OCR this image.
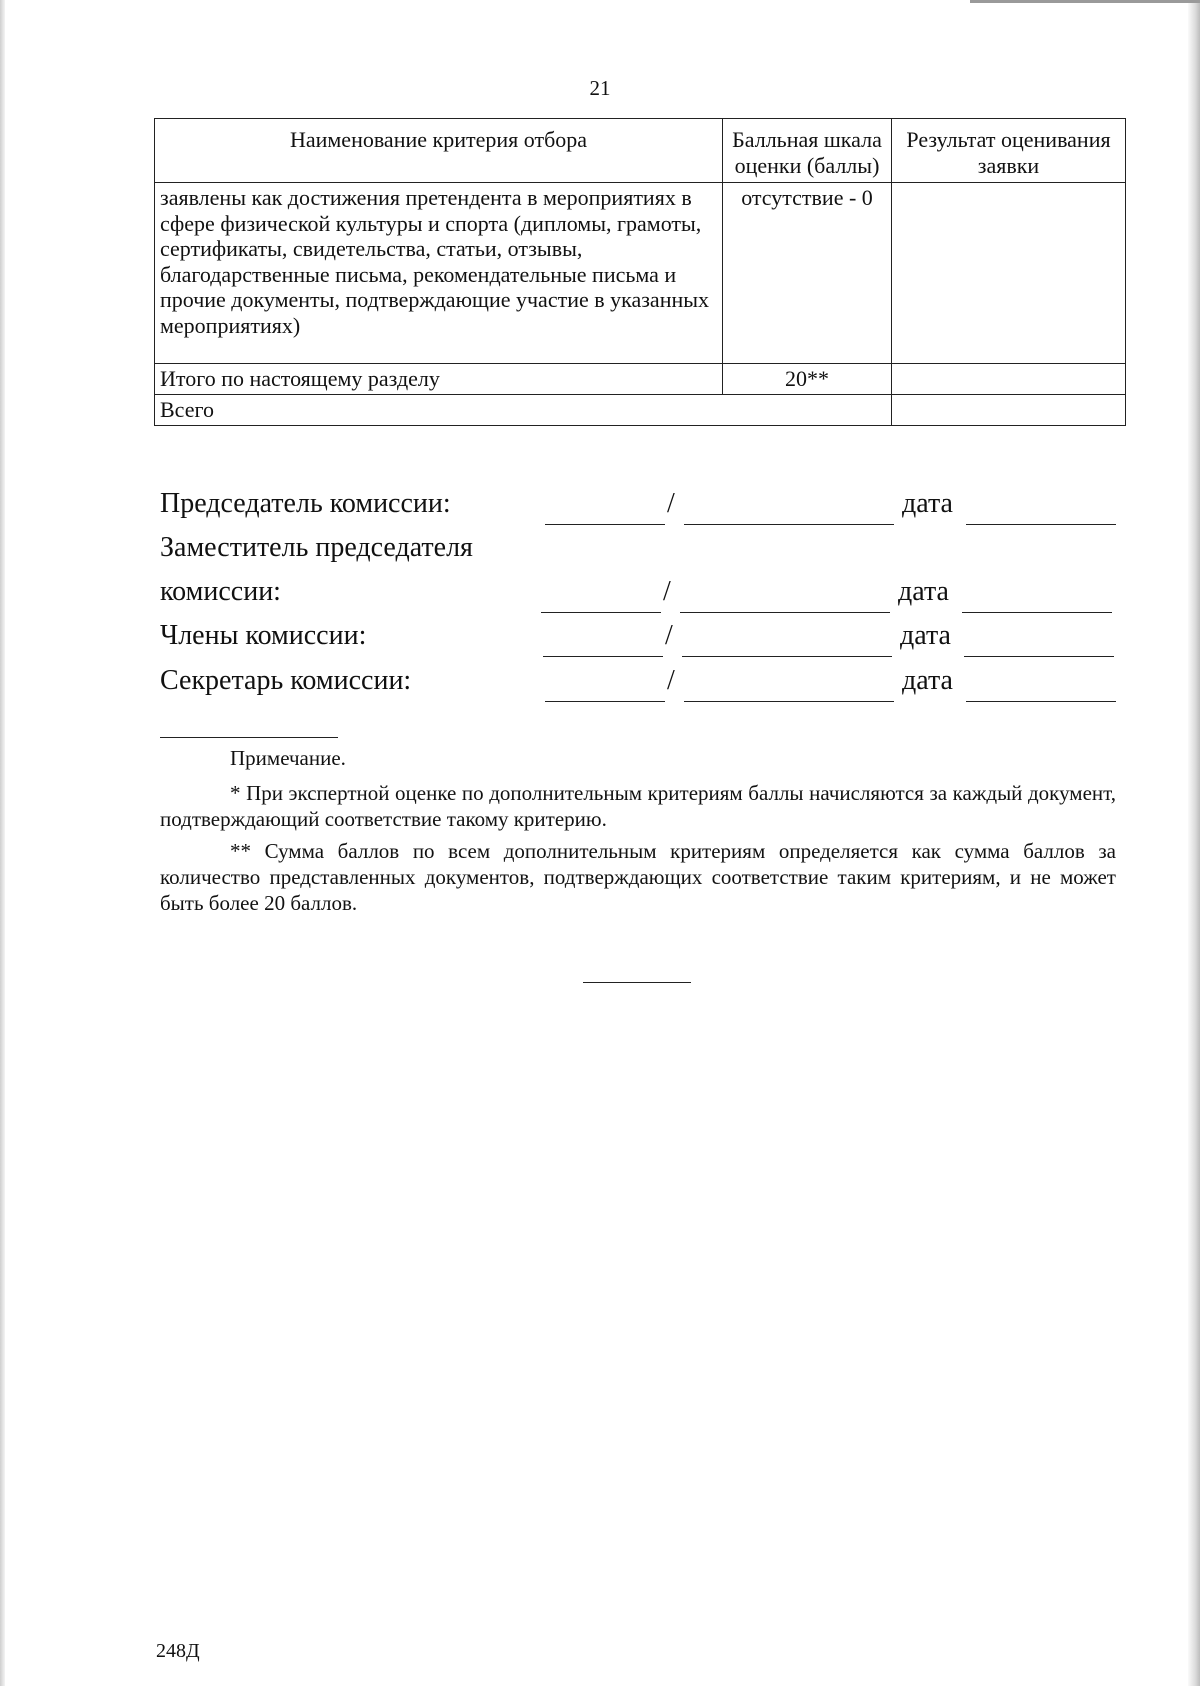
21
Наименование критерия отбора	Балльная шкала оценки (баллы)	Результат оценивания заявки
заявлены как достижения претендента в мероприятиях в сфере физической культуры и спорта (дипломы, грамоты, сертификаты, свидетельства, статьи, отзывы, благодарственные письма, рекомендательные письма и прочие документы, подтверждающие участие в указанных мероприятиях)	отсутствие - 0	
Итого по настоящему разделу	20**	
Всего		
Председатель комиссии:	/	дата
Заместитель председателя
комиссии:	/	дата
Члены комиссии:	/	дата
Секретарь комиссии:	/	дата
Примечание.
* При экспертной оценке по дополнительным критериям баллы начисляются за каждый документ, подтверждающий соответствие такому критерию.
** Сумма баллов по всем дополнительным критериям определяется как сумма баллов за количество представленных документов, подтверждающих соответствие таким критериям, и не может быть более 20 баллов.
248Д
